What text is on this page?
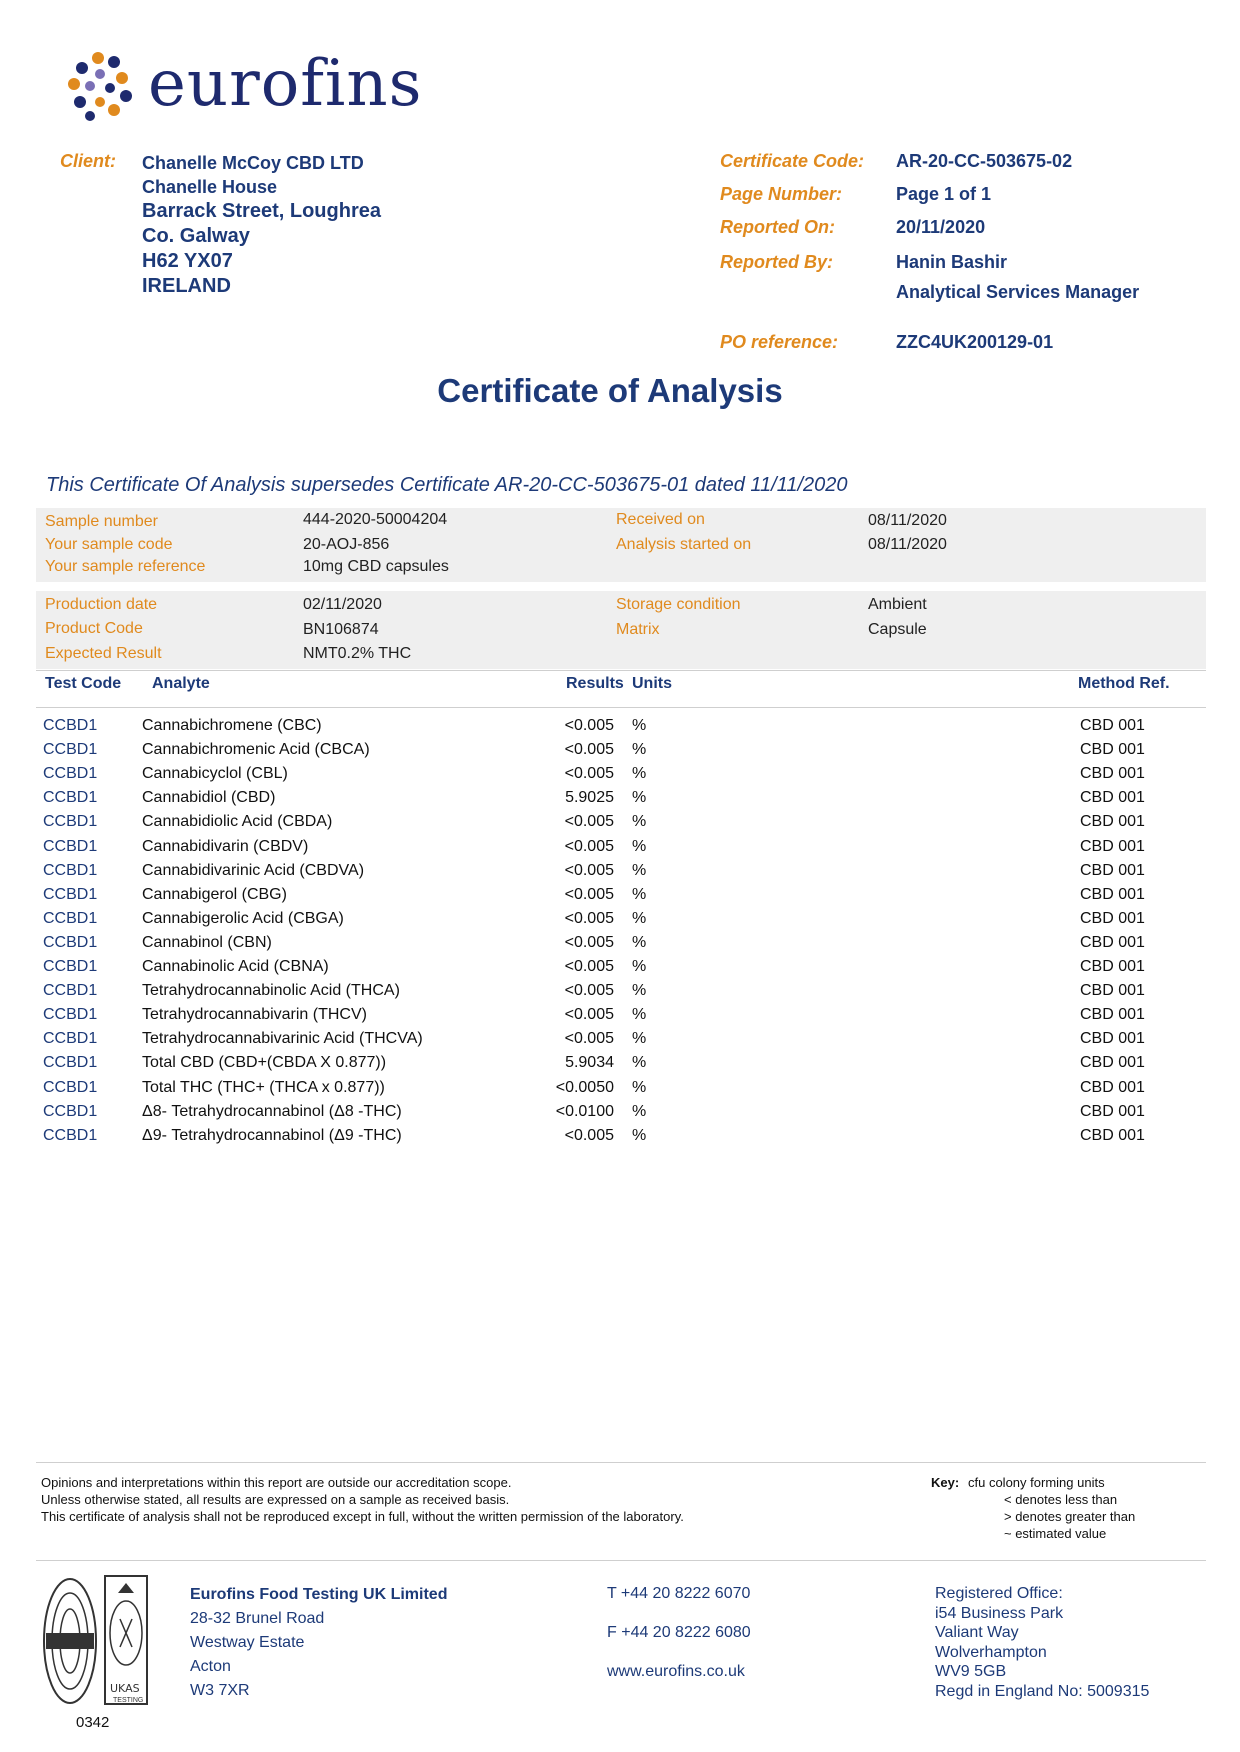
eurofins
Client: Chanelle McCoy CBD LTD
Chanelle House
Barrack Street, Loughrea
Co. Galway
H62 YX07
IRELAND
Certificate Code: AR-20-CC-503675-02
Page Number:	Page 1 of 1
Reported On:	20/11/2020
Reported By:	Hanin Bashir
Analytical Services Manager
PO reference:	ZZC4UK200129-01
Certificate of Analysis
This Certificate Of Analysis supersedes Certificate AR-20-CC-503675-01 dated 11/11/2020
Sample number	444-2020-50004204	Received on	08/11/2020
Your sample code	20-AOJ-856	Analysis started on	08/11/2020
Your sample reference	10mg CBD capsules
Production date	02/11/2020	Storage condition	Ambient
Product Code	BN106874	Matrix	Capsule
Expected Result	NMT0.2% THC
Test Code Analyte	Results Units	Method Ref.
CCBD1	Cannabichromene (CBC)	<0.005 %	CBD 001
CCBD1	Cannabichromenic Acid (CBCA)	<0.005 %	CBD 001
CCBD1	Cannabicyclol (CBL)	<0.005 %	CBD 001
CCBD1	Cannabidiol (CBD)	5.9025 %	CBD 001
CCBD1	Cannabidiolic Acid (CBDA)	<0.005 %	CBD 001
CCBD1	Cannabidivarin (CBDV)	<0.005 %	CBD 001
CCBD1	Cannabidivarinic Acid (CBDVA)	<0.005 %	CBD 001
CCBD1	Cannabigerol (CBG)	<0.005 %	CBD 001
CCBD1	Cannabigerolic Acid (CBGA)	<0.005 %	CBD 001
CCBD1	Cannabinol (CBN)	<0.005 %	CBD 001
CCBD1	Cannabinolic Acid (CBNA)	<0.005 %	CBD 001
CCBD1	Tetrahydrocannabinolic Acid (THCA)	<0.005 %	CBD 001
CCBD1	Tetrahydrocannabivarin (THCV)	<0.005 %	CBD 001
CCBD1	Tetrahydrocannabivarinic Acid (THCVA)	<0.005 %	CBD 001
CCBD1	Total CBD (CBD+(CBDA X 0.877))	5.9034 %	CBD 001
CCBD1	Total THC (THC+ (THCA x 0.877))	<0.0050 %	CBD 001
CCBD1	Δ8- Tetrahydrocannabinol (Δ8 -THC)	<0.0100 %	CBD 001
CCBD1	Δ9- Tetrahydrocannabinol (Δ9 -THC)	<0.005 %	CBD 001
Opinions and interpretations within this report are outside our accreditation scope.
Unless otherwise stated, all results are expressed on a sample as received basis.
This certificate of analysis shall not be reproduced except in full, without the written permission of the laboratory.
Key: cfu colony forming units
< denotes less than
> denotes greater than
~ estimated value
UKAS
TESTING
0342
Eurofins Food Testing UK Limited
28-32 Brunel Road
Westway Estate
Acton
W3 7XR
T +44 20 8222 6070
F +44 20 8222 6080
www.eurofins.co.uk
Registered Office:
i54 Business Park
Valiant Way
Wolverhampton
WV9 5GB
Regd in England No: 5009315
